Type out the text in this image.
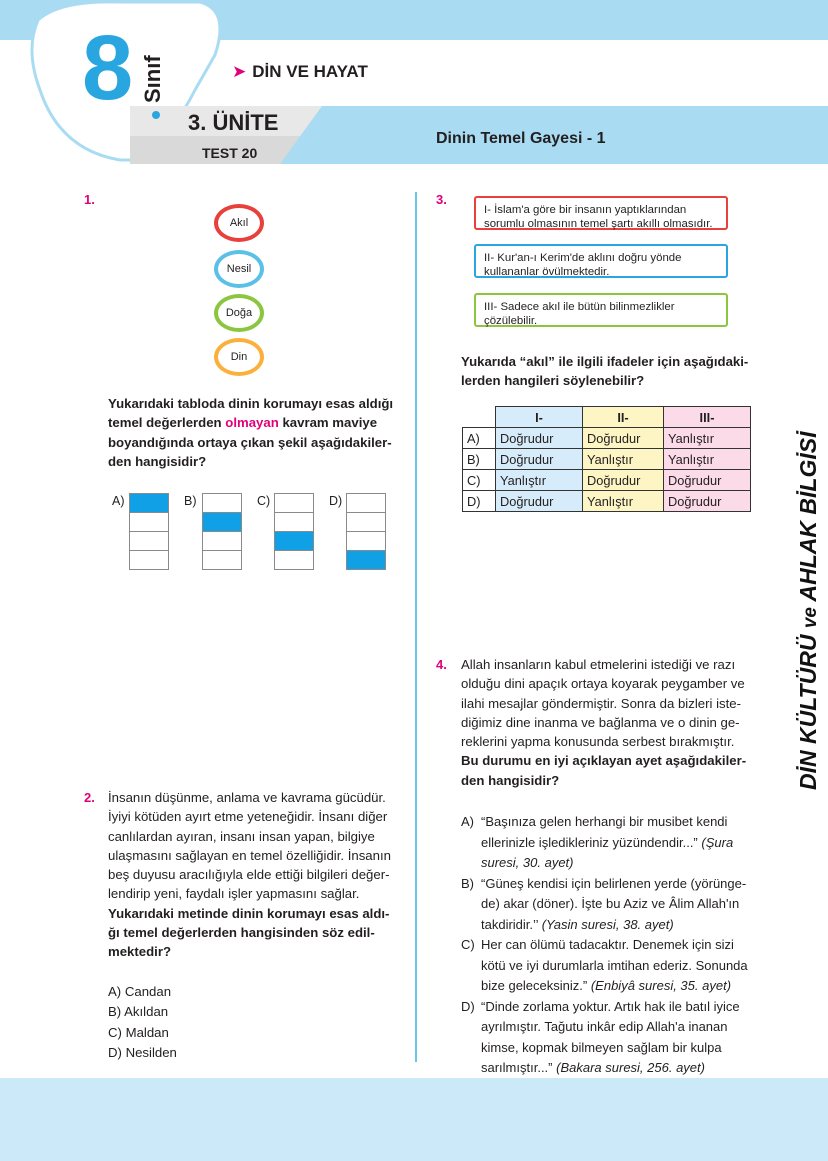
8 Sınıf	➤ DİN VE HAYAT
3. ÜNİTE
TEST 20
Dinin Temel Gayesi - 1
DİN KÜLTÜRÜ ve AHLAK BİLGİSİ
1.
Akıl
Nesil
Doğa
Din
Yukarıdaki tabloda dinin korumayı esas aldığı temel değerlerden olmayan kavram maviye boyandığında ortaya çıkan şekil aşağıdakilerden hangisidir?
A)	B)	C)	D)
2. İnsanın düşünme, anlama ve kavrama gücüdür.
İyiyi kötüden ayırt etme yeteneğidir. İnsanı diğer
canlılardan ayıran, insanı insan yapan, bilgiye
ulaşmasını sağlayan en temel özelliğidir. İnsanın
beş duyusu aracılığıyla elde ettiği bilgileri değer-
lendirip yeni, faydalı işler yapmasını sağlar.
Yukarıdaki metinde dinin korumayı esas aldı-
ğı temel değerlerden hangisinden söz edil-
mektedir?
A) Candan
B) Akıldan
C) Maldan
D) Nesilden
3.
I- İslam'a göre bir insanın yaptıklarından
sorumlu olmasının temel şartı akıllı olmasıdır.
II- Kur'an-ı Kerim'de aklını doğru yönde
kullananlar övülmektedir.
III- Sadece akıl ile bütün bilinmezlikler
çözülebilir.
Yukarıda “akıl” ile ilgili ifadeler için aşağıdaki-
lerden hangileri söylenebilir?
	I-	II-	III-
A)	Doğrudur	Doğrudur	Yanlıştır
B)	Doğrudur	Yanlıştır	Yanlıştır
C)	Yanlıştır	Doğrudur	Doğrudur
D)	Doğrudur	Yanlıştır	Doğrudur
4. Allah insanların kabul etmelerini istediği ve razı
olduğu dini apaçık ortaya koyarak peygamber ve
ilahi mesajlar göndermiştir. Sonra da bizleri iste-
diğimiz dine inanma ve bağlanma ve o dinin ge-
reklerini yapma konusunda serbest bırakmıştır.
Bu durumu en iyi açıklayan ayet aşağıdakiler-
den hangisidir?
A) “Başınıza gelen herhangi bir musibet kendi
ellerinizle işledikleriniz yüzündendir...” (Şura
suresi, 30. ayet)
B) “Güneş kendisi için belirlenen yerde (yörünge-
de) akar (döner). İşte bu Aziz ve Âlim Allah'ın
takdiridir.’’ (Yasin suresi, 38. ayet)
C) Her can ölümü tadacaktır. Denemek için sizi
kötü ve iyi durumlarla imtihan ederiz. Sonunda
bize geleceksiniz.” (Enbiyâ suresi, 35. ayet)
D) “Dinde zorlama yoktur. Artık hak ile batıl iyice
ayrılmıştır. Tağutu inkâr edip Allah'a inanan
kimse, kopmak bilmeyen sağlam bir kulpa
sarılmıştır...” (Bakara suresi, 256. ayet)
